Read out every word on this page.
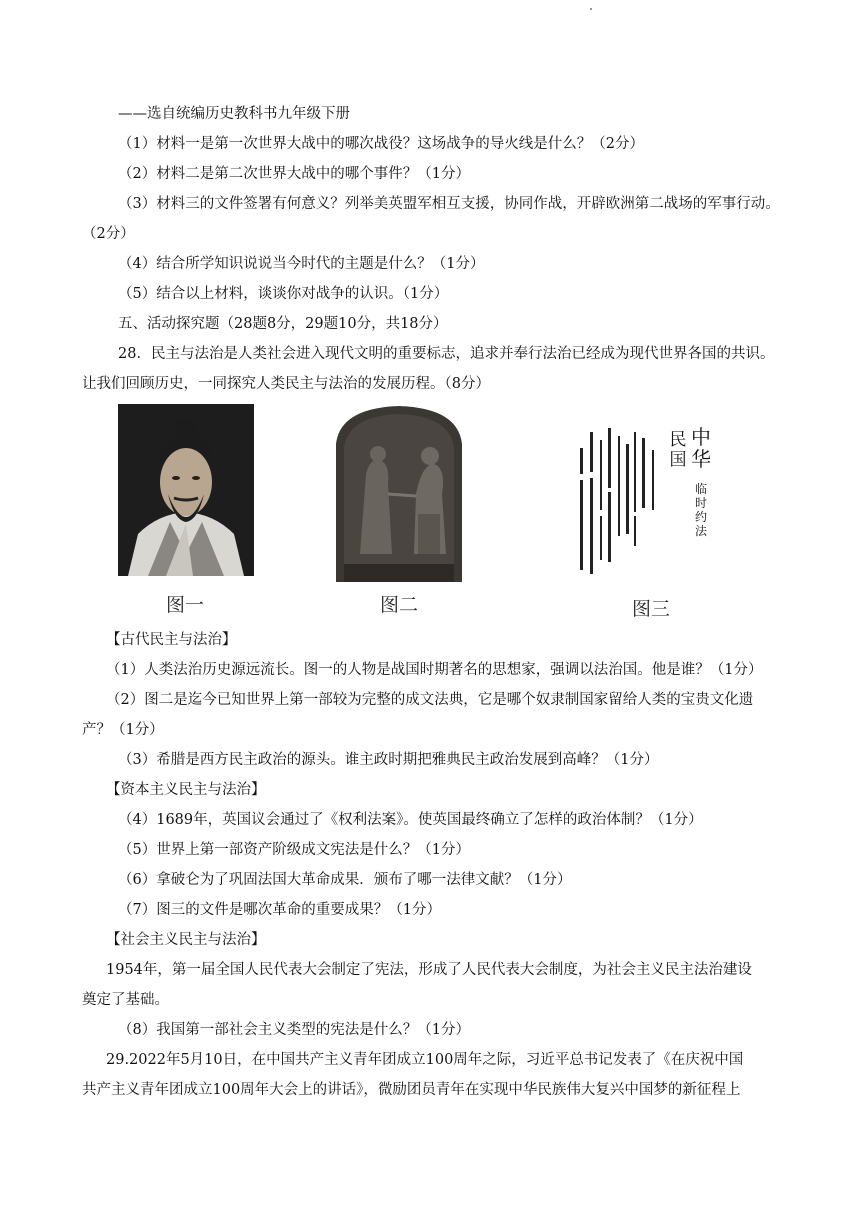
——选自统编历史教科书九年级下册
（1）材料一是第一次世界大战中的哪次战役？这场战争的导火线是什么？（2分）
（2）材料二是第二次世界大战中的哪个事件？（1分）
（3）材料三的文件签署有何意义？列举美英盟军相互支援，协同作战，开辟欧洲第二战场的军事行动。
（2分）
（4）结合所学知识说说当今时代的主题是什么？（1分）
（5）结合以上材料，谈谈你对战争的认识。（1分）
五、活动探究题（28题8分，29题10分，共18分）
28．民主与法治是人类社会进入现代文明的重要标志，追求并奉行法治已经成为现代世界各国的共识。
让我们回顾历史，一同探究人类民主与法治的发展历程。（8分）
图一	图二
中华
民国
临时约法
图三
【古代民主与法治】
（1）人类法治历史源远流长。图一的人物是战国时期著名的思想家，强调以法治国。他是谁？（1分）
（2）图二是迄今已知世界上第一部较为完整的成文法典，它是哪个奴隶制国家留给人类的宝贵文化遗
产？（1分）
（3）希腊是西方民主政治的源头。谁主政时期把雅典民主政治发展到高峰？（1分）
【资本主义民主与法治】
（4）1689年，英国议会通过了《权利法案》。使英国最终确立了怎样的政治体制？（1分）
（5）世界上第一部资产阶级成文宪法是什么？（1分）
（6）拿破仑为了巩固法国大革命成果．颁布了哪一法律文献？（1分）
（7）图三的文件是哪次革命的重要成果？（1分）
【社会主义民主与法治】
1954年，第一届全国人民代表大会制定了宪法，形成了人民代表大会制度，为社会主义民主法治建设
奠定了基础。
（8）我国第一部社会主义类型的宪法是什么？（1分）
29.2022年5月10日，在中国共产主义青年团成立100周年之际，习近平总书记发表了《在庆祝中国
共产主义青年团成立100周年大会上的讲话》，微励团员青年在实现中华民族伟大复兴中国梦的新征程上
